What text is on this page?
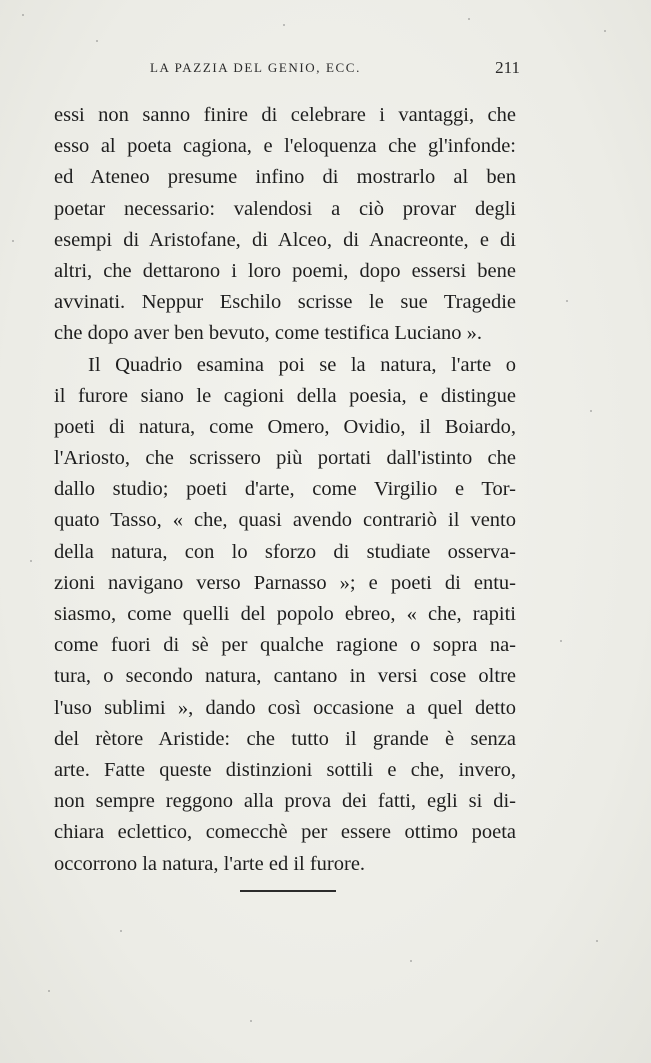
LA PAZZIA DEL GENIO, ECC.	211
essi non sanno finire di celebrare i vantaggi, che
esso al poeta cagiona, e l'eloquenza che gl'infonde:
ed Ateneo presume infino di mostrarlo al ben
poetar necessario: valendosi a ciò provar degli
esempi di Aristofane, di Alceo, di Anacreonte, e di
altri, che dettarono i loro poemi, dopo essersi bene
avvinati. Neppur Eschilo scrisse le sue Tragedie
che dopo aver ben bevuto, come testifica Luciano ».
Il Quadrio esamina poi se la natura, l'arte o
il furore siano le cagioni della poesia, e distingue
poeti di natura, come Omero, Ovidio, il Boiardo,
l'Ariosto, che scrissero più portati dall'istinto che
dallo studio; poeti d'arte, come Virgilio e Tor-
quato Tasso, « che, quasi avendo contrariò il vento
della natura, con lo sforzo di studiate osserva-
zioni navigano verso Parnasso »; e poeti di entu-
siasmo, come quelli del popolo ebreo, « che, rapiti
come fuori di sè per qualche ragione o sopra na-
tura, o secondo natura, cantano in versi cose oltre
l'uso sublimi », dando così occasione a quel detto
del rètore Aristide: che tutto il grande è senza
arte. Fatte queste distinzioni sottili e che, invero,
non sempre reggono alla prova dei fatti, egli si di-
chiara eclettico, comecchè per essere ottimo poeta
occorrono la natura, l'arte ed il furore.
